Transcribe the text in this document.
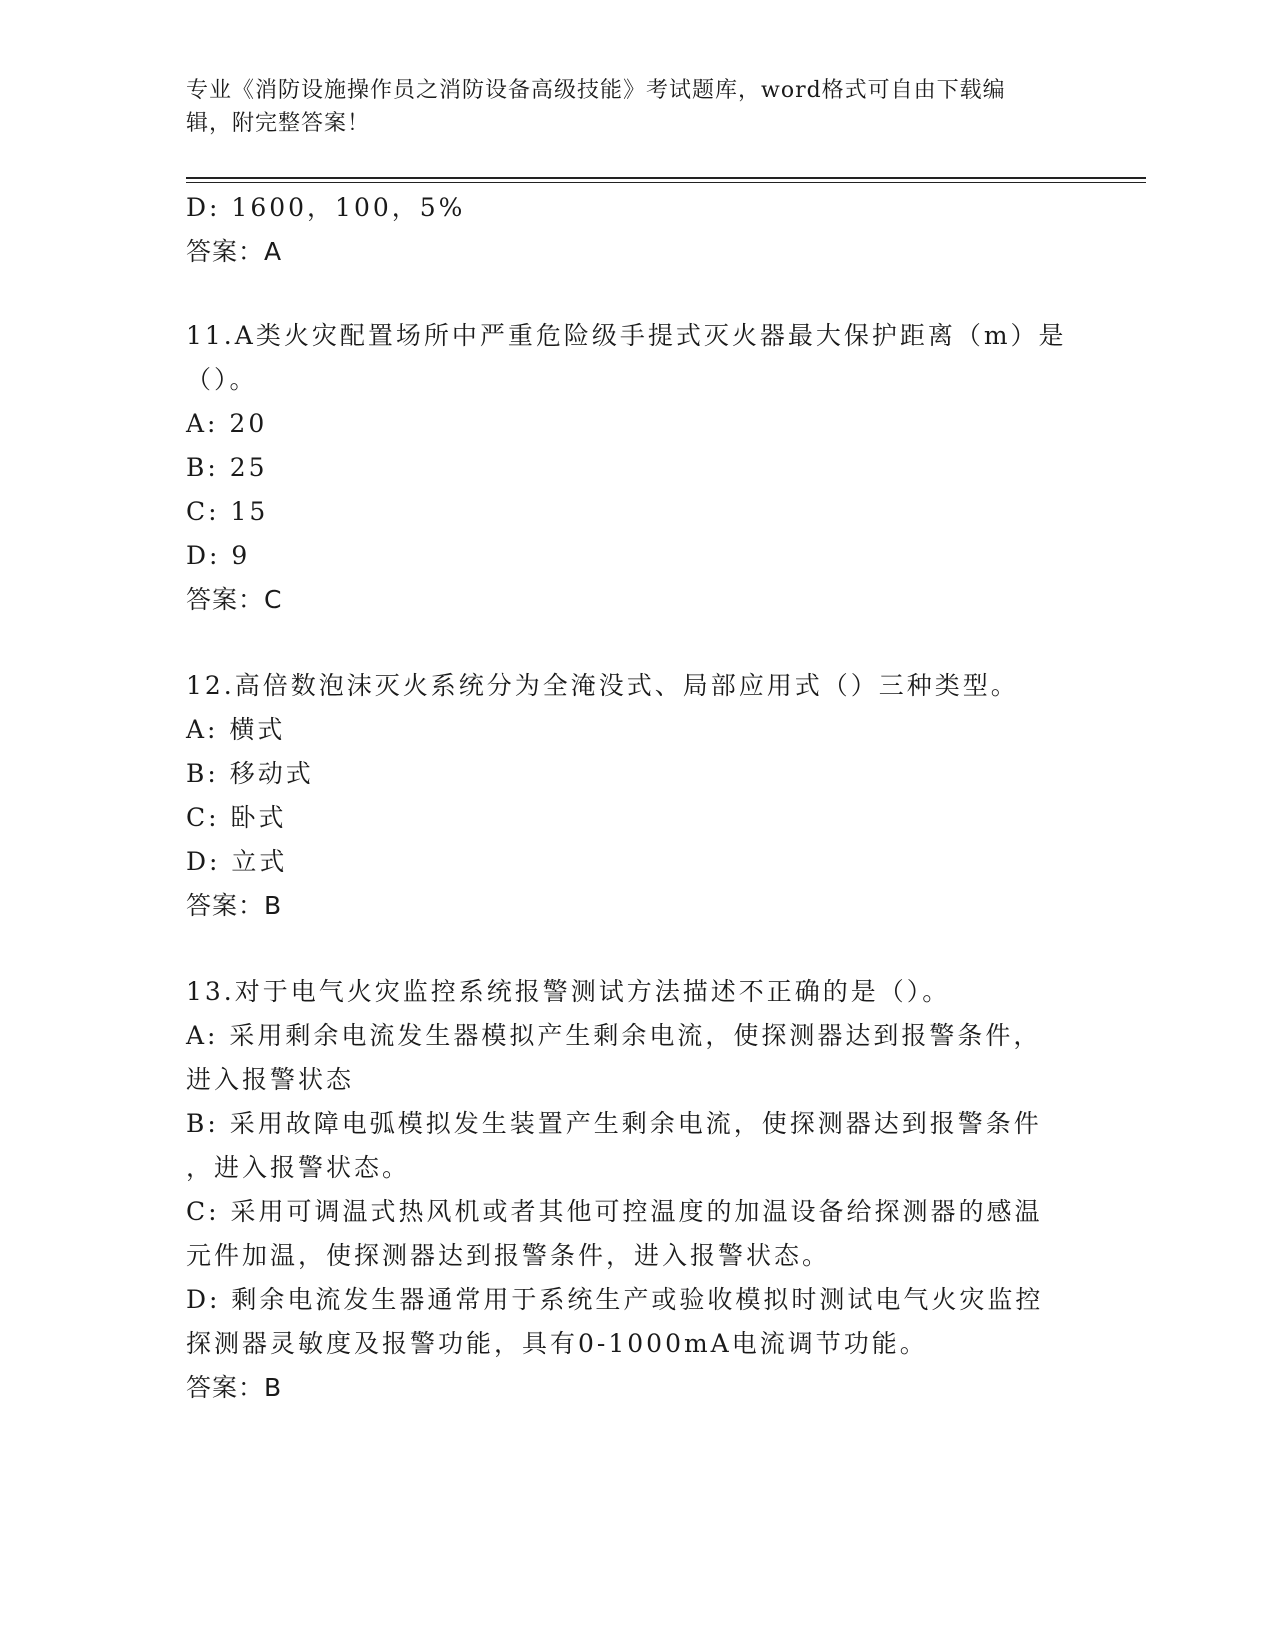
专业《消防设施操作员之消防设备高级技能》考试题库，word格式可自由下载编
辑，附完整答案！
D: 1600，100，5%
答案：A
11.A类火灾配置场所中严重危险级手提式灭火器最大保护距离（m）是
（）。
A: 20
B: 25
C: 15
D: 9
答案：C
12.高倍数泡沫灭火系统分为全淹没式、局部应用式（）三种类型。
A: 横式
B: 移动式
C: 卧式
D: 立式
答案：B
13.对于电气火灾监控系统报警测试方法描述不正确的是（）。
A: 采用剩余电流发生器模拟产生剩余电流，使探测器达到报警条件，
进入报警状态
B: 采用故障电弧模拟发生装置产生剩余电流，使探测器达到报警条件
，进入报警状态。
C: 采用可调温式热风机或者其他可控温度的加温设备给探测器的感温
元件加温，使探测器达到报警条件，进入报警状态。
D: 剩余电流发生器通常用于系统生产或验收模拟时测试电气火灾监控
探测器灵敏度及报警功能，具有0-1000mA电流调节功能。
答案：B
